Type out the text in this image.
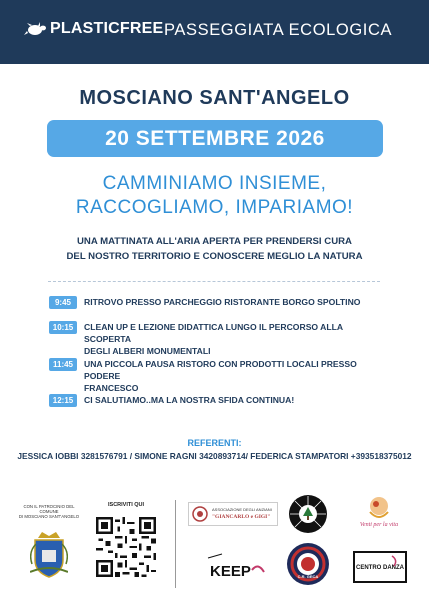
PLASTICFREE PASSEGGIATA ECOLOGICA
MOSCIANO SANT'ANGELO
20 SETTEMBRE 2026
CAMMINIAMO INSIEME,
RACCOGLIAMO, IMPARIAMO!
UNA MATTINATA ALL'ARIA APERTA PER PRENDERSI CURA
DEL NOSTRO TERRITORIO E CONOSCERE MEGLIO LA NATURA
9:45	RITROVO PRESSO PARCHEGGIO RISTORANTE BORGO SPOLTINO
10:15	CLEAN UP E LEZIONE DIDATTICA LUNGO IL PERCORSO ALLA SCOPERTA
DEGLI ALBERI MONUMENTALI
11:45	UNA PICCOLA PAUSA RISTORO CON PRODOTTI LOCALI PRESSO PODERE
FRANCESCO
12:15	CI SALUTIAMO..MA LA NOSTRA SFIDA CONTINUA!
REFERENTI:
JESSICA IOBBI 3281576791 / SIMONE RAGNI 3420893714/ FEDERICA STAMPATORI +393518375012
CON IL PATROCINIO DEL COMUNE
DI MOSCIANO SANT'ANGELO
ISCRIVITI QUI
ASSOCIAZIONE DEGLI ANZIANI
"GIANCARLO e GIGI"
Venti per la vita
KEEP	C.R. GECA
CENTRO DANZA
